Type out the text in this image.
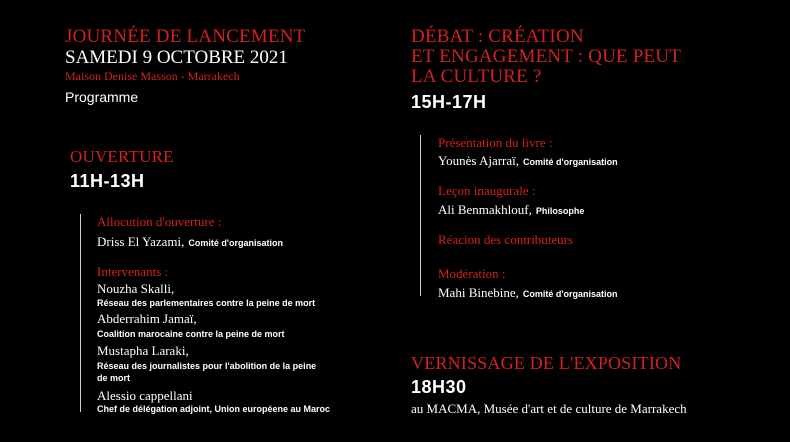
JOURNÉE DE LANCEMENT
SAMEDI 9 OCTOBRE 2021
Maison Denise Masson - Marrakech
Programme
OUVERTURE
11H-13H
Allocution d'ouverture :
Driss El Yazami, Comité d'organisation
Intervenants :
Nouzha Skalli,
Réseau des parlementaires contre la peine de mort
Abderrahim Jamaï,
Coalition marocaine contre la peine de mort
Mustapha Laraki,
Réseau des journalistes pour l'abolition de la peine
de mort
Alessio cappellani
Chef de délégation adjoint, Union européene au Maroc
DÉBAT : CRÉATION
ET ENGAGEMENT : QUE PEUT
LA CULTURE ?
15H-17H
Présentation du livre :
Younès Ajarraï, Comité d'organisation
Leçon inaugurale :
Ali Benmakhlouf, Philosophe
Réacion des contributeurs
Modération :
Mahi Binebine, Comité d'organisation
VERNISSAGE DE L'EXPOSITION
18H30
au MACMA, Musée d'art et de culture de Marrakech
